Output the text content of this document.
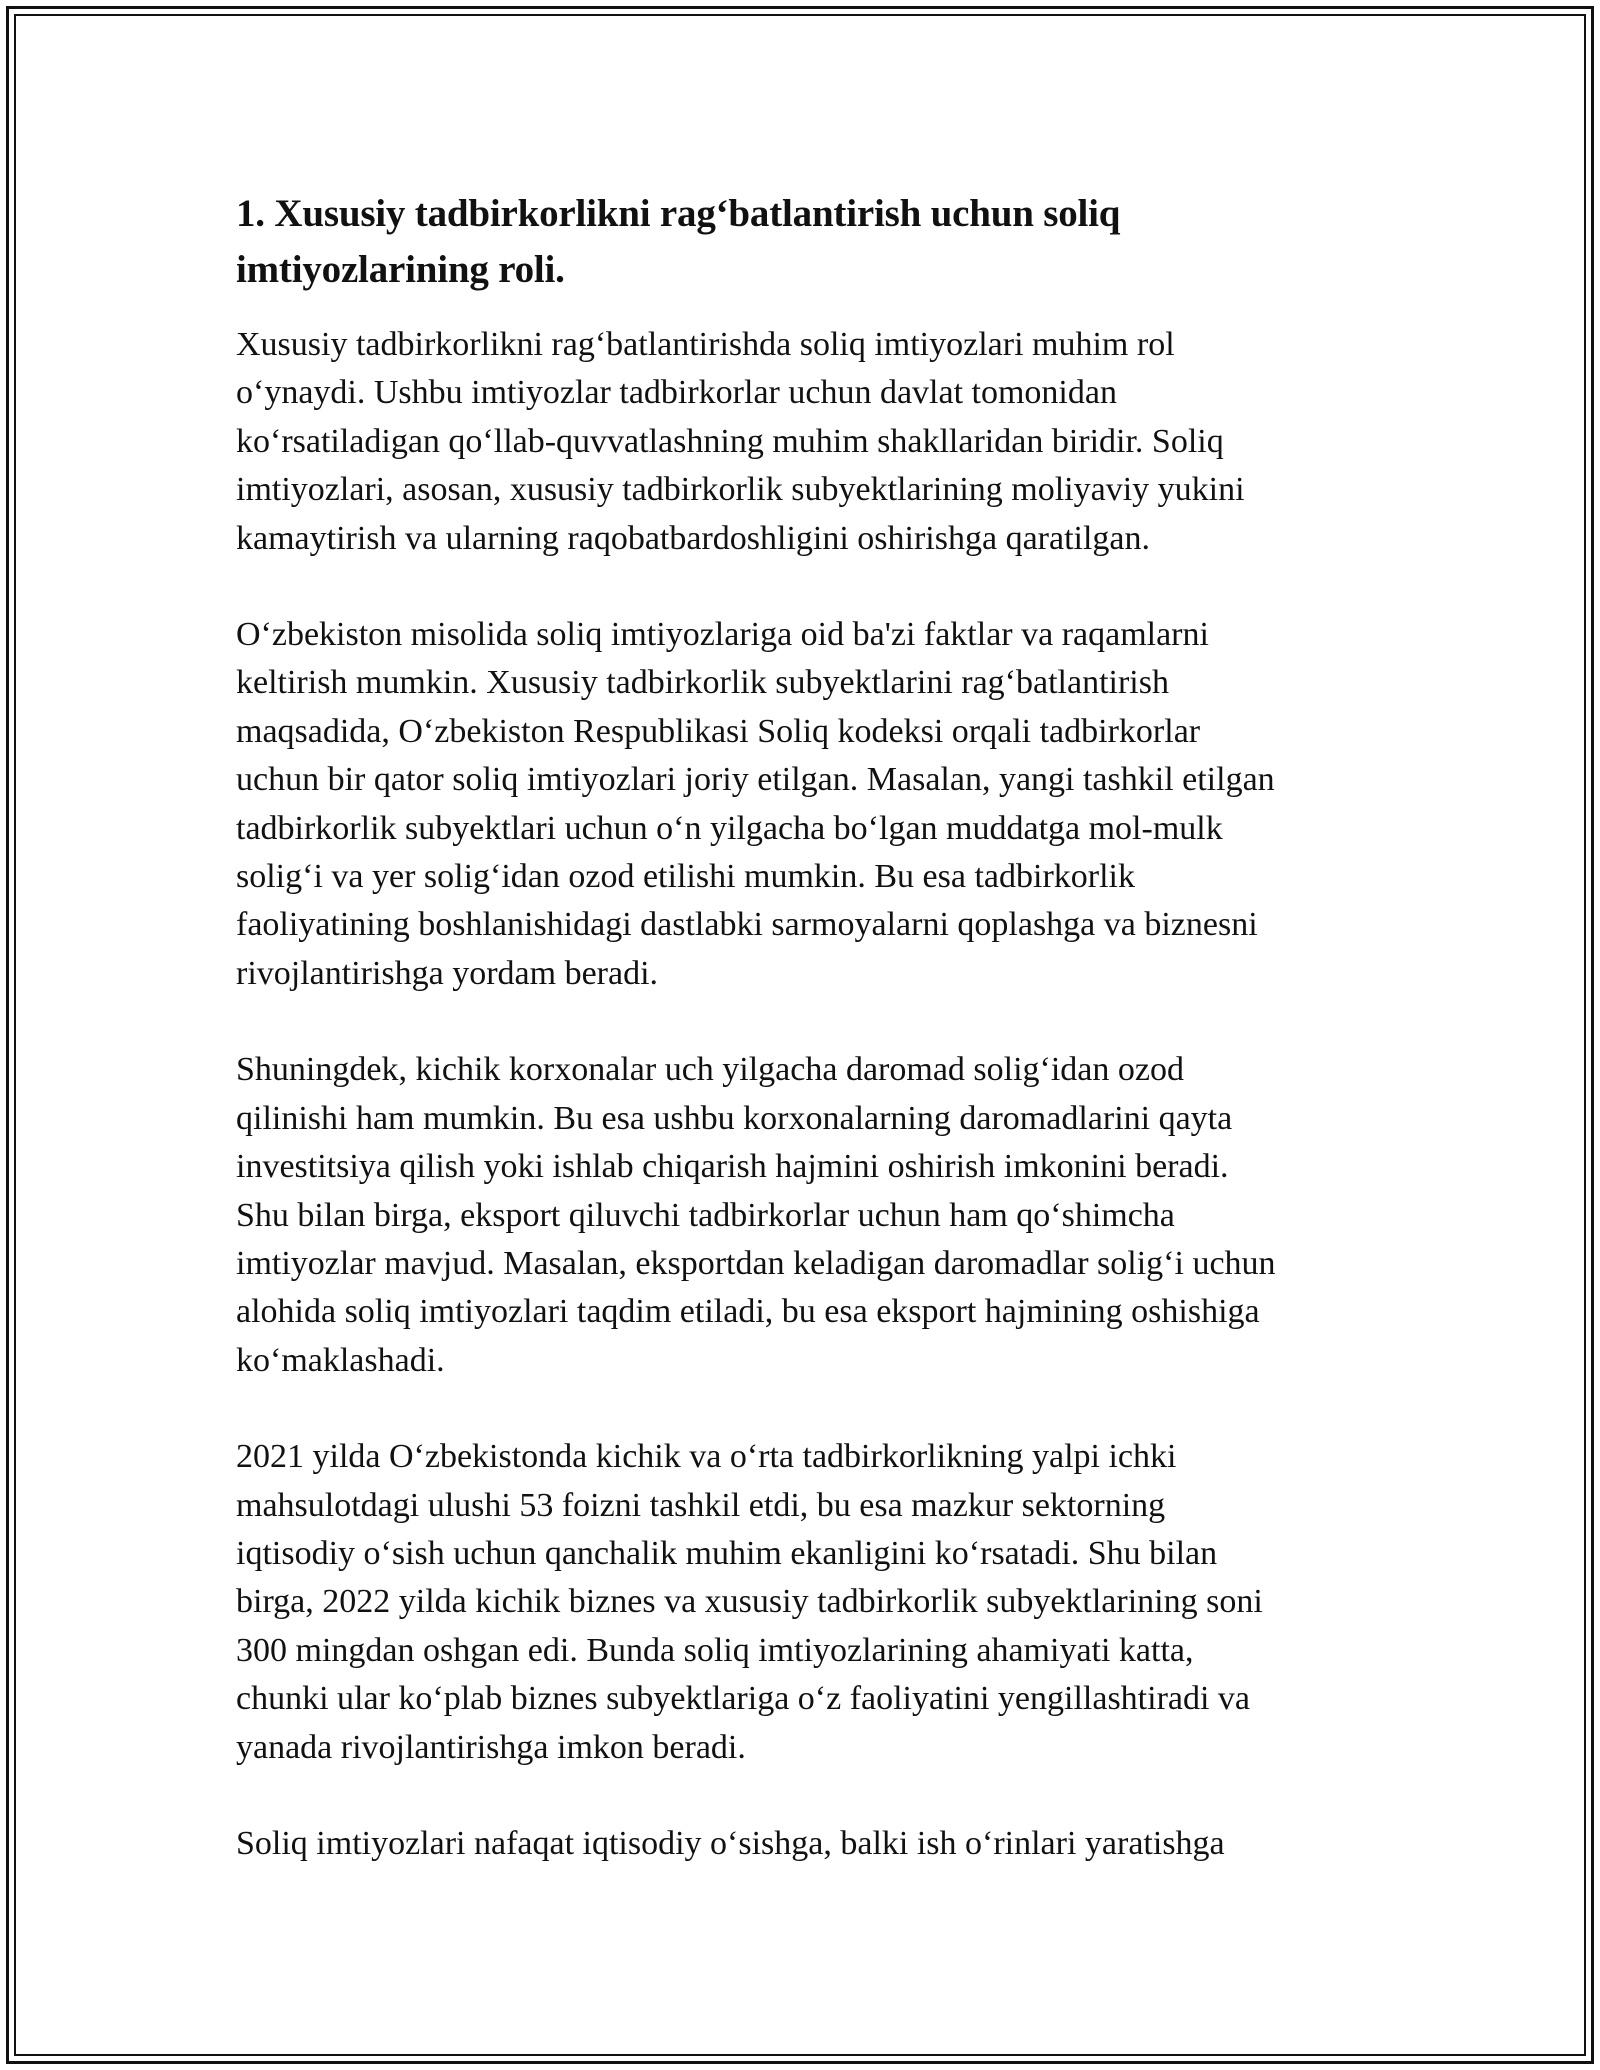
1. Xususiy tadbirkorlikni rag‘batlantirish uchun soliq
imtiyozlarining roli.

Xususiy tadbirkorlikni rag‘batlantirishda soliq imtiyozlari muhim rol
o‘ynaydi. Ushbu imtiyozlar tadbirkorlar uchun davlat tomonidan
ko‘rsatiladigan qo‘llab-quvvatlashning muhim shakllaridan biridir. Soliq
imtiyozlari, asosan, xususiy tadbirkorlik subyektlarining moliyaviy yukini
kamaytirish va ularning raqobatbardoshligini oshirishga qaratilgan.

O‘zbekiston misolida soliq imtiyozlariga oid ba'zi faktlar va raqamlarni
keltirish mumkin. Xususiy tadbirkorlik subyektlarini rag‘batlantirish
maqsadida, O‘zbekiston Respublikasi Soliq kodeksi orqali tadbirkorlar
uchun bir qator soliq imtiyozlari joriy etilgan. Masalan, yangi tashkil etilgan
tadbirkorlik subyektlari uchun o‘n yilgacha bo‘lgan muddatga mol-mulk
solig‘i va yer solig‘idan ozod etilishi mumkin. Bu esa tadbirkorlik
faoliyatining boshlanishidagi dastlabki sarmoyalarni qoplashga va biznesni
rivojlantirishga yordam beradi.

Shuningdek, kichik korxonalar uch yilgacha daromad solig‘idan ozod
qilinishi ham mumkin. Bu esa ushbu korxonalarning daromadlarini qayta
investitsiya qilish yoki ishlab chiqarish hajmini oshirish imkonini beradi.
Shu bilan birga, eksport qiluvchi tadbirkorlar uchun ham qo‘shimcha
imtiyozlar mavjud. Masalan, eksportdan keladigan daromadlar solig‘i uchun
alohida soliq imtiyozlari taqdim etiladi, bu esa eksport hajmining oshishiga
ko‘maklashadi.

2021 yilda O‘zbekistonda kichik va o‘rta tadbirkorlikning yalpi ichki
mahsulotdagi ulushi 53 foizni tashkil etdi, bu esa mazkur sektorning
iqtisodiy o‘sish uchun qanchalik muhim ekanligini ko‘rsatadi. Shu bilan
birga, 2022 yilda kichik biznes va xususiy tadbirkorlik subyektlarining soni
300 mingdan oshgan edi. Bunda soliq imtiyozlarining ahamiyati katta,
chunki ular ko‘plab biznes subyektlariga o‘z faoliyatini yengillashtiradi va
yanada rivojlantirishga imkon beradi.

Soliq imtiyozlari nafaqat iqtisodiy o‘sishga, balki ish o‘rinlari yaratishga
